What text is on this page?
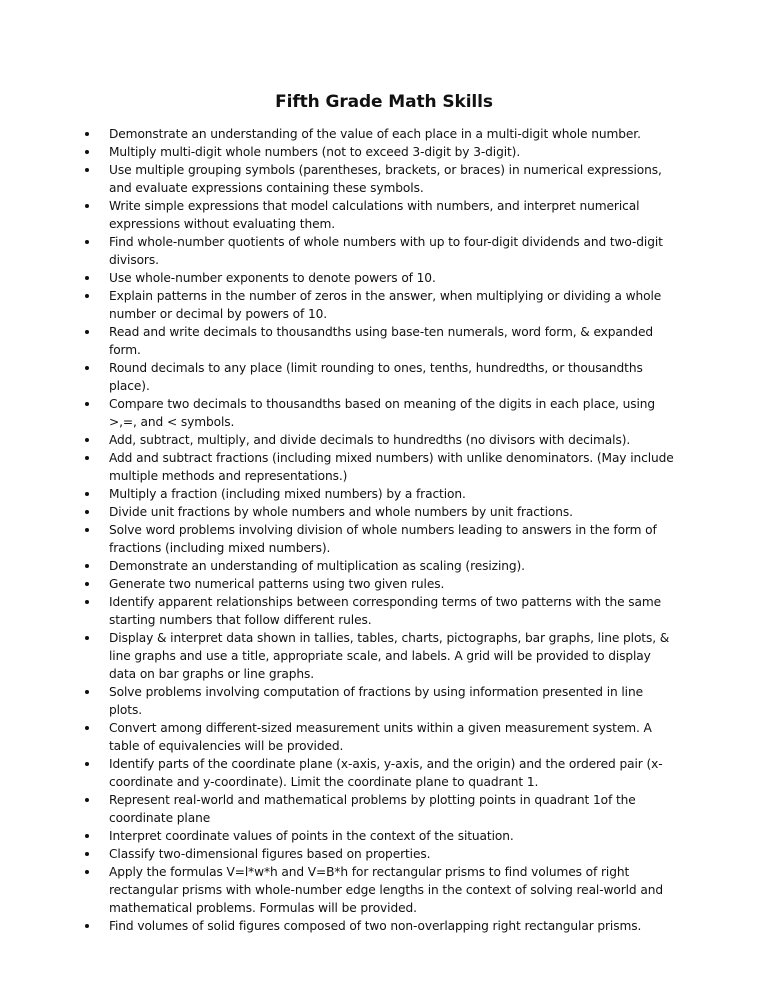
Fifth Grade Math Skills
Demonstrate an understanding of the value of each place in a multi-digit whole number.
Multiply multi-digit whole numbers (not to exceed 3-digit by 3-digit).
Use multiple grouping symbols (parentheses, brackets, or braces) in numerical expressions, and evaluate expressions containing these symbols.
Write simple expressions that model calculations with numbers, and interpret numerical expressions without evaluating them.
Find whole-number quotients of whole numbers with up to four-digit dividends and two-digit divisors.
Use whole-number exponents to denote powers of 10.
Explain patterns in the number of zeros in the answer, when multiplying or dividing a whole number or decimal by powers of 10.
Read and write decimals to thousandths using base-ten numerals, word form, & expanded form.
Round decimals to any place (limit rounding to ones, tenths, hundredths, or thousandths place).
Compare two decimals to thousandths based on meaning of the digits in each place, using >,=, and < symbols.
Add, subtract, multiply, and divide decimals to hundredths (no divisors with decimals).
Add and subtract fractions (including mixed numbers) with unlike denominators. (May include multiple methods and representations.)
Multiply a fraction (including mixed numbers) by a fraction.
Divide unit fractions by whole numbers and whole numbers by unit fractions.
Solve word problems involving division of whole numbers leading to answers in the form of fractions (including mixed numbers).
Demonstrate an understanding of multiplication as scaling (resizing).
Generate two numerical patterns using two given rules.
Identify apparent relationships between corresponding terms of two patterns with the same starting numbers that follow different rules.
Display & interpret data shown in tallies, tables, charts, pictographs, bar graphs, line plots, & line graphs and use a title, appropriate scale, and labels. A grid will be provided to display data on bar graphs or line graphs.
Solve problems involving computation of fractions by using information presented in line plots.
Convert among different-sized measurement units within a given measurement system. A table of equivalencies will be provided.
Identify parts of the coordinate plane (x-axis, y-axis, and the origin) and the ordered pair (x-coordinate and y-coordinate). Limit the coordinate plane to quadrant 1.
Represent real-world and mathematical problems by plotting points in quadrant 1of the coordinate plane
Interpret coordinate values of points in the context of the situation.
Classify two-dimensional figures based on properties.
Apply the formulas V=l*w*h and V=B*h for rectangular prisms to find volumes of right rectangular prisms with whole-number edge lengths in the context of solving real-world and mathematical problems. Formulas will be provided.
Find volumes of solid figures composed of two non-overlapping right rectangular prisms.
